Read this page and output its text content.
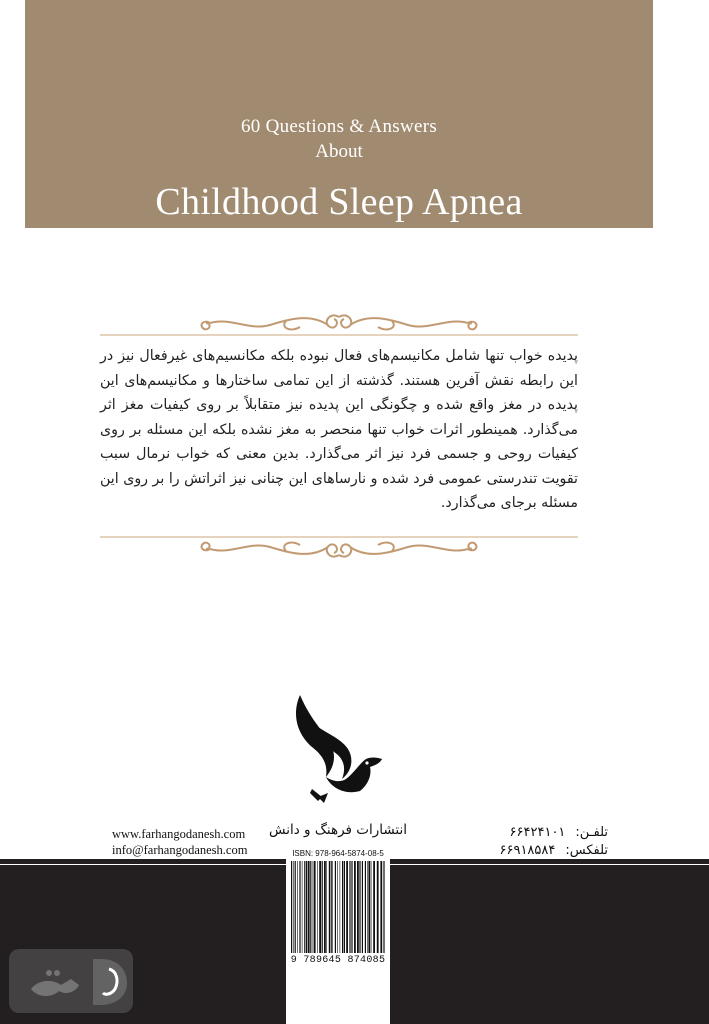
60 Questions & Answers
About
Childhood Sleep Apnea
پدیده خواب تنها شامل مکانیسم‌های فعال نبوده بلکه مکانسیم‌های غیرفعال نیز در این رابطه نقش آفرین هستند. گذشته از این تمامی ساختارها و مکانیسم‌های این پدیده در مغز واقع شده و چگونگی این پدیده نیز متقابلاً بر روی کیفیات مغز اثر می‌گذارد. همینطور اثرات خواب تنها منحصر به مغز نشده بلکه این مسئله بر روی کیفیات روحی و جسمی فرد نیز اثر می‌گذارد. بدین معنی که خواب نرمال سبب تقویت تندرستی عمومی فرد شده و نارساهای این چنانی نیز اثراتش را بر روی این مسئله برجای می‌گذارد.
انتشارات فرهنگ و دانش
www.farhangodanesh.com
info@farhangodanesh.com
تلفـن:
۶۶۴۲۴۱۰۱
تلفکس:
۶۶۹۱۸۵۸۴
ISBN: 978-964-5874-08-5
9 789645 874085
